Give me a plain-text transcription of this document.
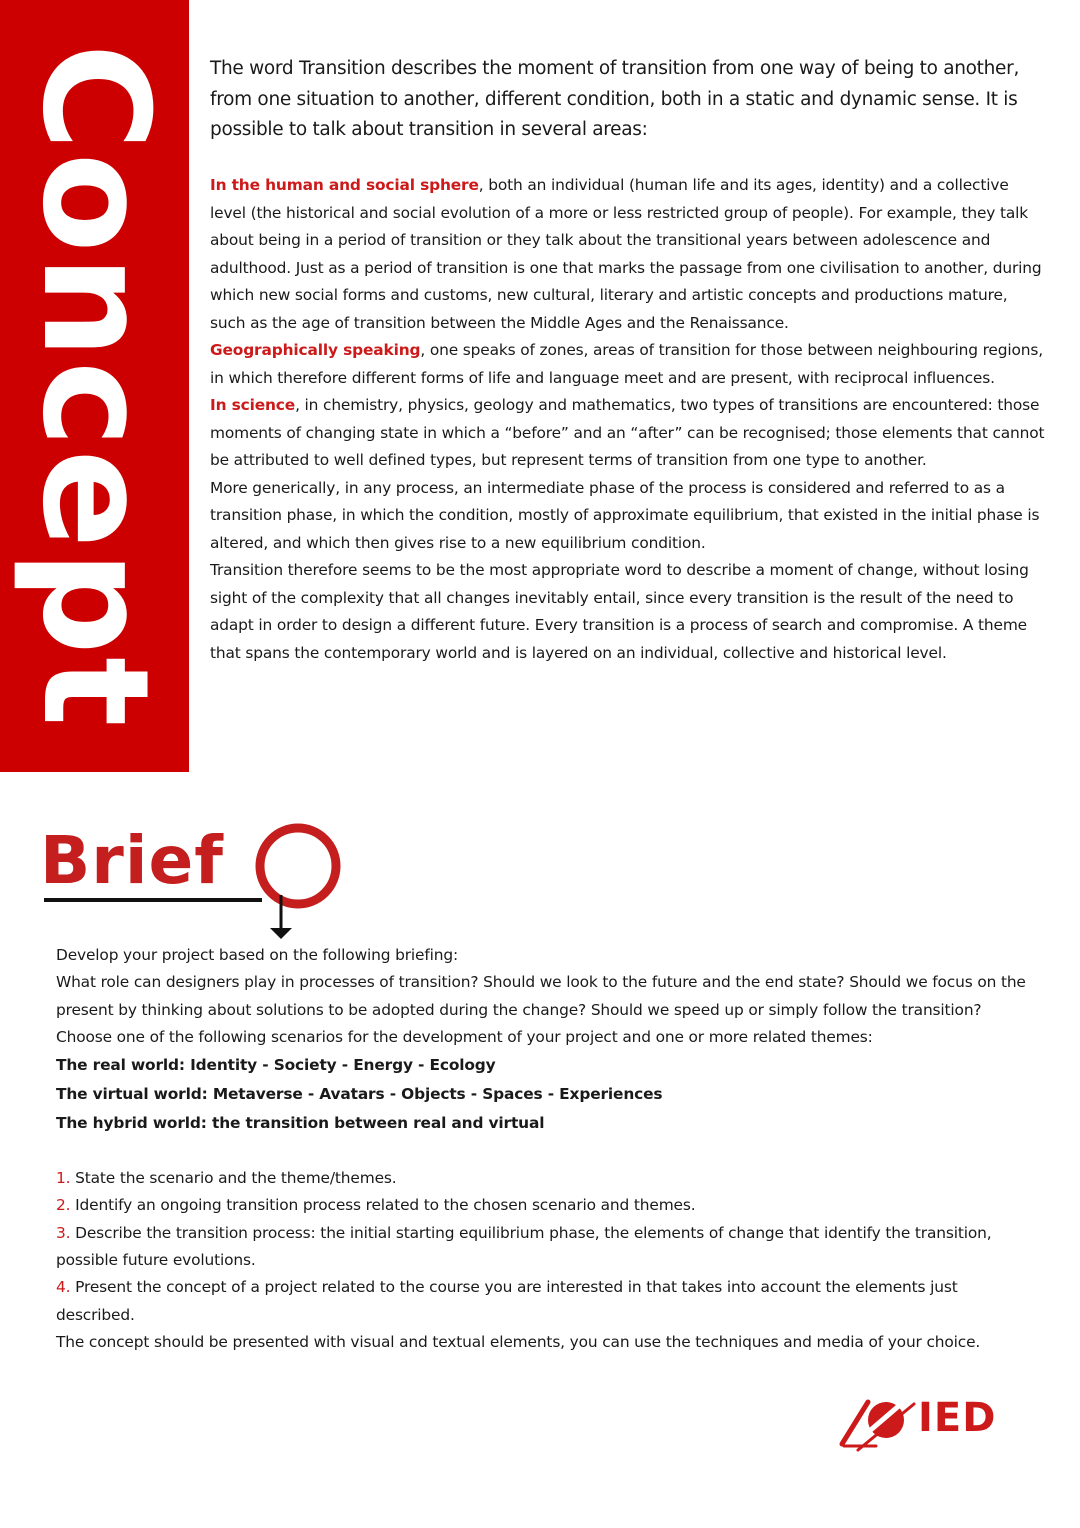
Concept The word Transition describes the moment of transition from one way of being to another, from one situation to another, different condition, both in a static and dynamic sense. It is possible to talk about transition in several areas:

In the human and social sphere, both an individual (human life and its ages, identity) and a collective level (the historical and social evolution of a more or less restricted group of people). For example, they talk about being in a period of transition or they talk about the transitional years between adolescence and adulthood. Just as a period of transition is one that marks the passage from one civilisation to another, during which new social forms and customs, new cultural, literary and artistic concepts and productions mature, such as the age of transition between the Middle Ages and the Renaissance.

Geographically speaking, one speaks of zones, areas of transition for those between neighbouring regions, in which therefore different forms of life and language meet and are present, with reciprocal influences.

In science, in chemistry, physics, geology and mathematics, two types of transitions are encountered: those moments of changing state in which a “before” and an “after” can be recognised; those elements that cannot be attributed to well defined types, but represent terms of transition from one type to another.

More generically, in any process, an intermediate phase of the process is considered and referred to as a transition phase, in which the condition, mostly of approximate equilibrium, that existed in the initial phase is altered, and which then gives rise to a new equilibrium condition.

Transition therefore seems to be the most appropriate word to describe a moment of change, without losing sight of the complexity that all changes inevitably entail, since every transition is the result of the need to adapt in order to design a different future. Every transition is a process of search and compromise. A theme that spans the contemporary world and is layered on an individual, collective and historical level.

Brief

Develop your project based on the following briefing:

What role can designers play in processes of transition? Should we look to the future and the end state? Should we focus on the present by thinking about solutions to be adopted during the change? Should we speed up or simply follow the transition?

Choose one of the following scenarios for the development of your project and one or more related themes:

The real world: Identity - Society - Energy - Ecology

The virtual world: Metaverse - Avatars - Objects - Spaces - Experiences

The hybrid world: the transition between real and virtual

1. State the scenario and the theme/themes.

2. Identify an ongoing transition process related to the chosen scenario and themes.

3. Describe the transition process: the initial starting equilibrium phase, the elements of change that identify the transition, possible future evolutions.

4. Present the concept of a project related to the course you are interested in that takes into account the elements just described.

The concept should be presented with visual and textual elements, you can use the techniques and media of your choice.

IED
